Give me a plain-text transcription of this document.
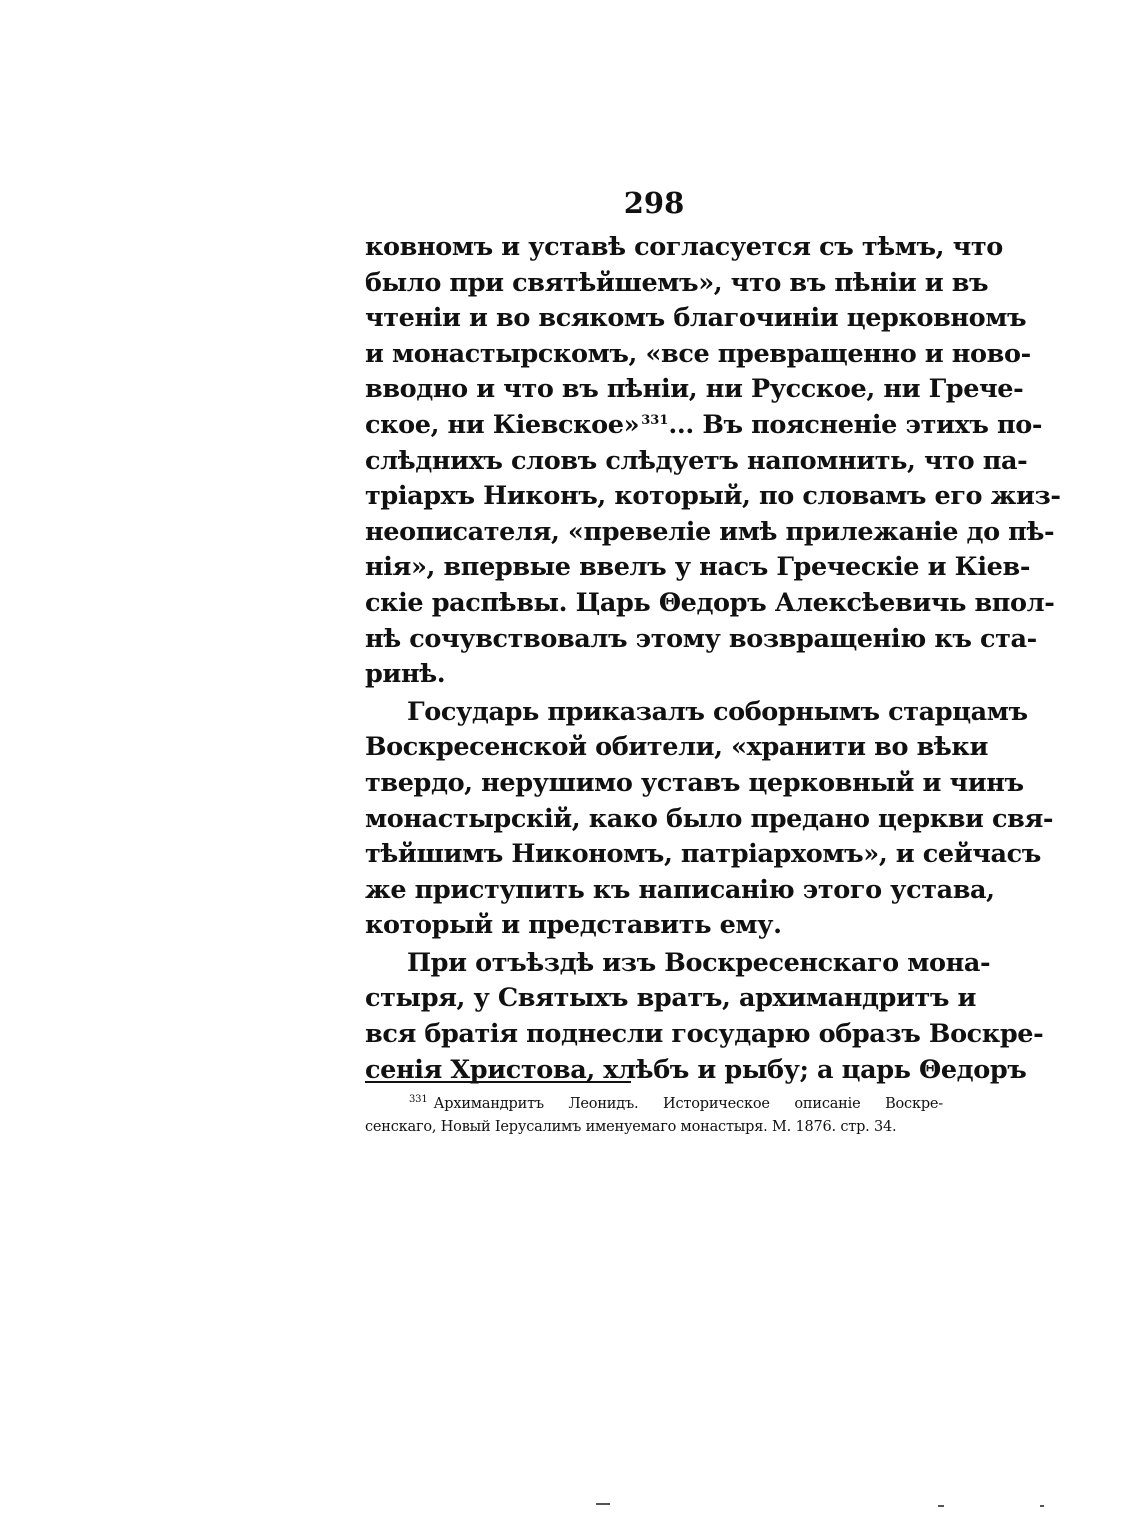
298
ковномъ и уставѣ согласуется съ тѣмъ, что
было при святѣйшемъ», что въ пѣніи и въ
чтеніи и во всякомъ благочиніи церковномъ
и монастырскомъ, «все превращенно и ново-
вводно и что въ пѣніи, ни Русское, ни Грече-
ское, ни Кіевское»  $^{331}$... Въ поясненіе этихъ по-
слѣднихъ словъ слѣдуетъ напомнить, что па-
тріархъ Никонъ, который, по словамъ его жиз-
неописателя, «превеліе имѣ прилежаніе до пѣ-
нія», впервые ввелъ у насъ Греческіе и Кіев-
скіе распѣвы. Царь Θедоръ Алексѣевичь впол-
нѣ сочувствовалъ этому возвращенію къ ста-
ринѣ.
Государь приказалъ соборнымъ старцамъ
Воскресенской обители, «хранити во вѣки
твердо, нерушимо уставъ церковный и чинъ
монастырскій, како было предано церкви свя-
тѣйшимъ Никономъ, патріархомъ», и сейчасъ
же приступить къ написанію этого устава,
который и представить ему.
При отъѣздѣ изъ Воскресенскаго мона-
стыря, у Святыхъ вратъ, архимандритъ и
вся братія поднесли государю образъ Воскре-
сенія Христова, хлѣбъ и рыбу; а царь Θедоръ
$^{331}$ Архимандритъ Леонидъ. Историческое описаніе Воскре-
сенскаго, Новый Іерусалимъ именуемаго монастыря. М. 1876. стр. 34.
